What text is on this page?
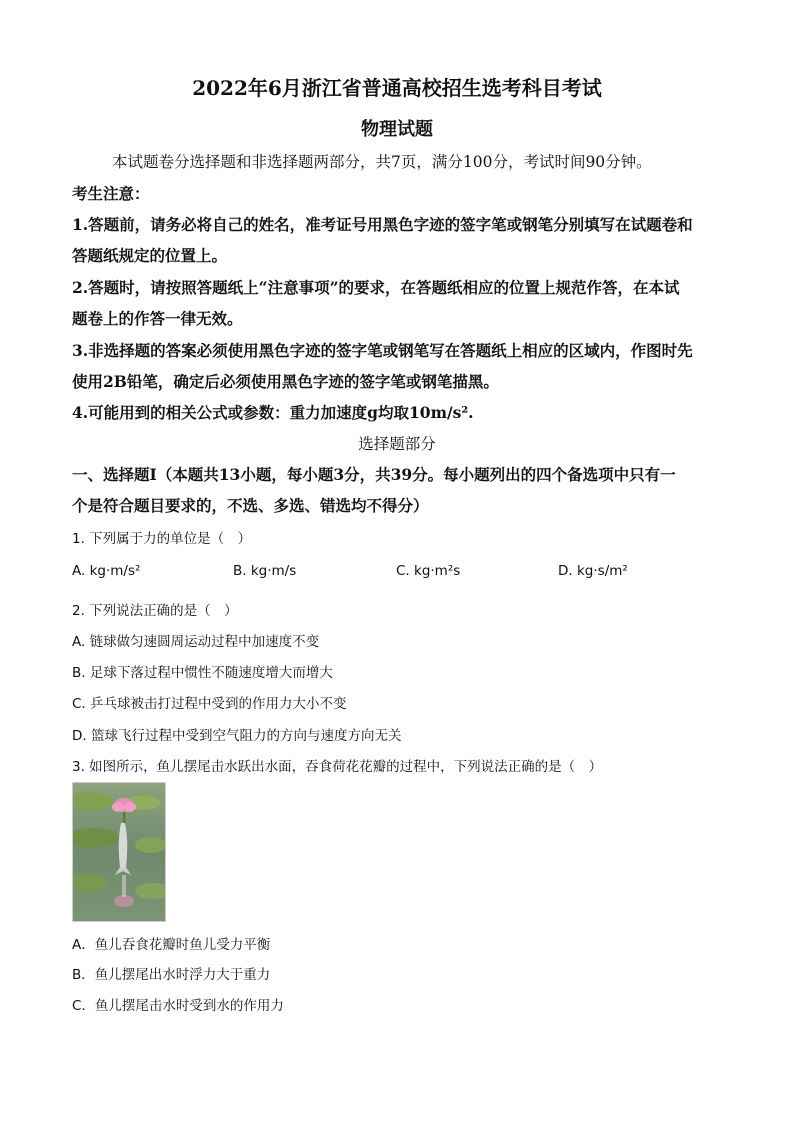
2022年6月浙江省普通高校招生选考科目考试
物理试题
本试题卷分选择题和非选择题两部分，共7页，满分100分，考试时间90分钟。
考生注意：
1.答题前，请务必将自己的姓名，准考证号用黑色字迹的签字笔或钢笔分别填写在试题卷和
答题纸规定的位置上。
2.答题时，请按照答题纸上“注意事项”的要求，在答题纸相应的位置上规范作答，在本试
题卷上的作答一律无效。
3.非选择题的答案必须使用黑色字迹的签字笔或钢笔写在答题纸上相应的区域内，作图时先
使用2B铅笔，确定后必须使用黑色字迹的签字笔或钢笔描黑。
4.可能用到的相关公式或参数：重力加速度g均取10m/s².
选择题部分
一、选择题Ⅰ（本题共13小题，每小题3分，共39分。每小题列出的四个备选项中只有一
个是符合题目要求的，不选、多选、错选均不得分）
1. 下列属于力的单位是（　）
A. kg·m/s²	B. kg·m/s	C. kg·m²s	D. kg·s/m²
2. 下列说法正确的是（　）
A. 链球做匀速圆周运动过程中加速度不变
B. 足球下落过程中惯性不随速度增大而增大
C. 乒乓球被击打过程中受到的作用力大小不变
D. 篮球飞行过程中受到空气阻力的方向与速度方向无关
3. 如图所示，鱼儿摆尾击水跃出水面，吞食荷花花瓣的过程中，下列说法正确的是（　）
A．鱼儿吞食花瓣时鱼儿受力平衡
B．鱼儿摆尾出水时浮力大于重力
C．鱼儿摆尾击水时受到水的作用力
